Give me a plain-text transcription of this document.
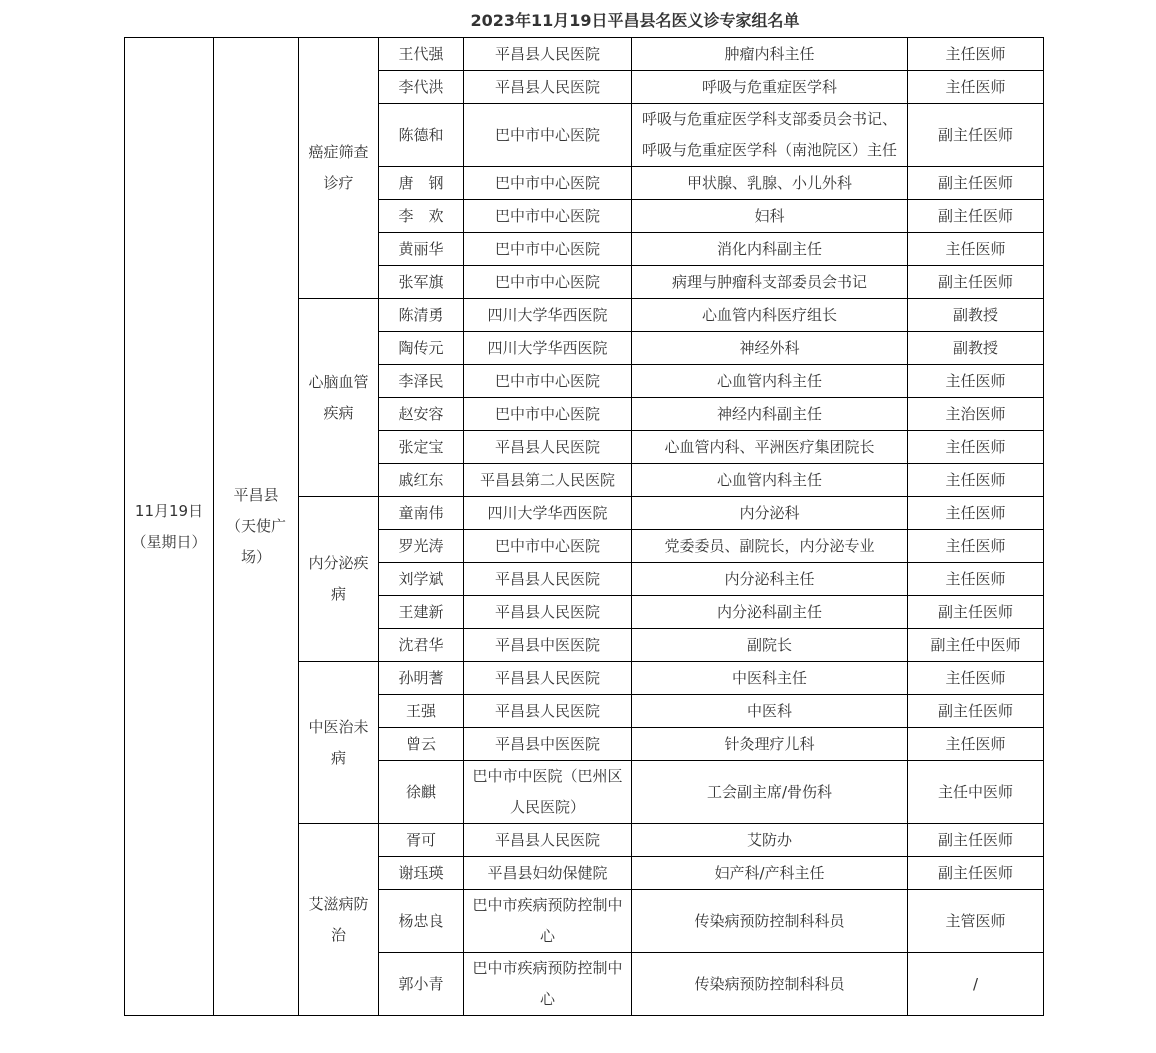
2023年11月19日平昌县名医义诊专家组名单
11月19日（星期日）	平昌县（天使广场）	癌症筛查诊疗	王代强	平昌县人民医院	肿瘤内科主任	主任医师
			李代洪	平昌县人民医院	呼吸与危重症医学科	主任医师
			陈德和	巴中市中心医院	呼吸与危重症医学科支部委员会书记、呼吸与危重症医学科（南池院区）主任	副主任医师
			唐　钢	巴中市中心医院	甲状腺、乳腺、小儿外科	副主任医师
			李　欢	巴中市中心医院	妇科	副主任医师
			黄丽华	巴中市中心医院	消化内科副主任	主任医师
			张军旗	巴中市中心医院	病理与肿瘤科支部委员会书记	副主任医师
		心脑血管疾病	陈清勇	四川大学华西医院	心血管内科医疗组长	副教授
			陶传元	四川大学华西医院	神经外科	副教授
			李泽民	巴中市中心医院	心血管内科主任	主任医师
			赵安容	巴中市中心医院	神经内科副主任	主治医师
			张定宝	平昌县人民医院	心血管内科、平洲医疗集团院长	主任医师
			戚红东	平昌县第二人民医院	心血管内科主任	主任医师
		内分泌疾病	童南伟	四川大学华西医院	内分泌科	主任医师
			罗光涛	巴中市中心医院	党委委员、副院长，内分泌专业	主任医师
			刘学斌	平昌县人民医院	内分泌科主任	主任医师
			王建新	平昌县人民医院	内分泌科副主任	副主任医师
			沈君华	平昌县中医医院	副院长	副主任中医师
		中医治未病	孙明蓍	平昌县人民医院	中医科主任	主任医师
			王强	平昌县人民医院	中医科	副主任医师
			曾云	平昌县中医医院	针灸理疗儿科	主任医师
			徐麒	巴中市中医院（巴州区人民医院）	工会副主席/骨伤科	主任中医师
		艾滋病防治	胥可	平昌县人民医院	艾防办	副主任医师
			谢珏瑛	平昌县妇幼保健院	妇产科/产科主任	副主任医师
			杨忠良	巴中市疾病预防控制中心	传染病预防控制科科员	主管医师
			郭小青	巴中市疾病预防控制中心	传染病预防控制科科员	/
